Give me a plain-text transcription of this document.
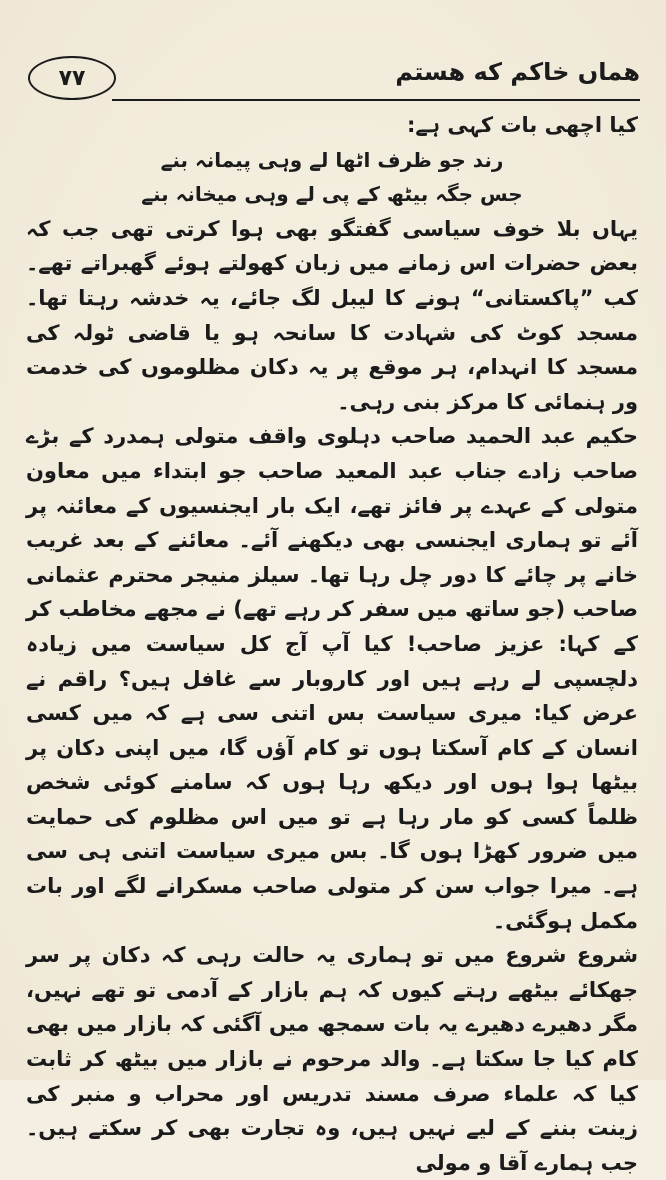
۷۷	هماں خاکم که هستم

کیا اچھی بات کہی ہے:

رند جو ظرف اٹھا لے وہی پیمانہ بنے

جس جگہ بیٹھ کے پی لے وہی میخانہ بنے

یہاں بلا خوف سیاسی گفتگو بھی ہوا کرتی تھی جب کہ بعض حضرات اس زمانے میں زبان کھولتے ہوئے گھبراتے تھے۔ کب ”پاکستانی“ ہونے کا لیبل لگ جائے، یہ خدشہ رہتا تھا۔ مسجد کوٹ کی شہادت کا سانحہ ہو یا قاضی ٹولہ کی مسجد کا انہدام، ہر موقع پر یہ دکان مظلوموں کی خدمت ور ہنمائی کا مرکز بنی رہی۔

حکیم عبد الحمید صاحب دہلوی واقف متولی ہمدرد کے بڑے صاحب زادے جناب عبد المعید صاحب جو ابتداء میں معاون متولی کے عہدے پر فائز تھے، ایک بار ایجنسیوں کے معائنہ پر آئے تو ہماری ایجنسی بھی دیکھنے آئے۔ معائنے کے بعد غریب خانے پر چائے کا دور چل رہا تھا۔ سیلز منیجر محترم عثمانی صاحب (جو ساتھ میں سفر کر رہے تھے) نے مجھے مخاطب کر کے کہا: عزیز صاحب! کیا آپ آج کل سیاست میں زیادہ دلچسپی لے رہے ہیں اور کاروبار سے غافل ہیں؟ راقم نے عرض کیا: میری سیاست بس اتنی سی ہے کہ میں کسی انسان کے کام آسکتا ہوں تو کام آؤں گا، میں اپنی دکان پر بیٹھا ہوا ہوں اور دیکھ رہا ہوں کہ سامنے کوئی شخص ظلماً کسی کو مار رہا ہے تو میں اس مظلوم کی حمایت میں ضرور کھڑا ہوں گا۔ بس میری سیاست اتنی ہی سی ہے۔ میرا جواب سن کر متولی صاحب مسکرانے لگے اور بات مکمل ہوگئی۔

شروع شروع میں تو ہماری یہ حالت رہی کہ دکان پر سر جھکائے بیٹھے رہتے کیوں کہ ہم بازار کے آدمی تو تھے نہیں، مگر دھیرے دھیرے یہ بات سمجھ میں آگئی کہ بازار میں بھی کام کیا جا سکتا ہے۔ والد مرحوم نے بازار میں بیٹھ کر ثابت کیا کہ علماء صرف مسند تدریس اور محراب و منبر کی زینت بننے کے لیے نہیں ہیں، وہ تجارت بھی کر سکتے ہیں۔ جب ہمارے آقا و مولی
